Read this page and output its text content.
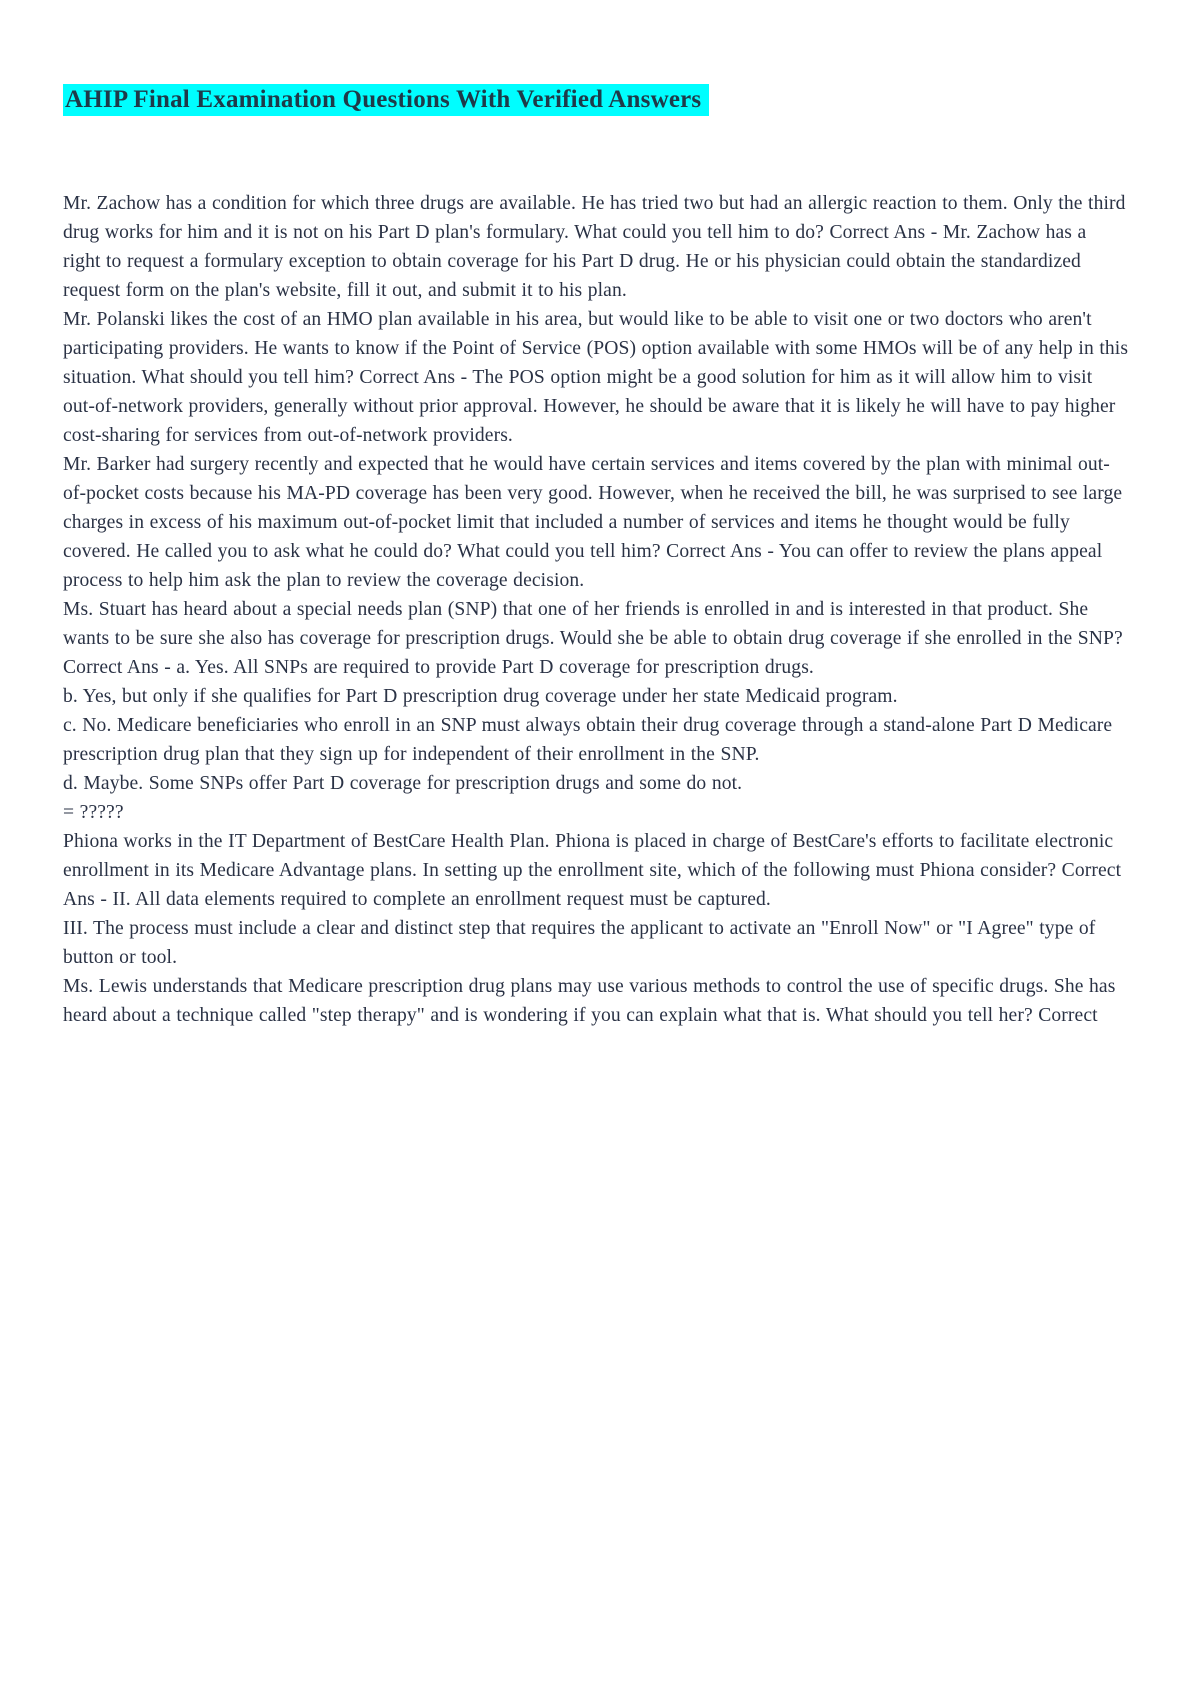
AHIP Final Examination Questions With Verified Answers

Mr. Zachow has a condition for which three drugs are available. He has tried two but had an allergic reaction to them. Only the third drug works for him and it is not on his Part D plan's formulary. What could you tell him to do? Correct Ans - Mr. Zachow has a right to request a formulary exception to obtain coverage for his Part D drug. He or his physician could obtain the standardized request form on the plan's website, fill it out, and submit it to his plan.

Mr. Polanski likes the cost of an HMO plan available in his area, but would like to be able to visit one or two doctors who aren't participating providers. He wants to know if the Point of Service (POS) option available with some HMOs will be of any help in this situation. What should you tell him? Correct Ans - The POS option might be a good solution for him as it will allow him to visit out-of-network providers, generally without prior approval. However, he should be aware that it is likely he will have to pay higher cost-sharing for services from out-of-network providers.

Mr. Barker had surgery recently and expected that he would have certain services and items covered by the plan with minimal out-of-pocket costs because his MA-PD coverage has been very good. However, when he received the bill, he was surprised to see large charges in excess of his maximum out-of-pocket limit that included a number of services and items he thought would be fully covered. He called you to ask what he could do? What could you tell him? Correct Ans - You can offer to review the plans appeal process to help him ask the plan to review the coverage decision.

Ms. Stuart has heard about a special needs plan (SNP) that one of her friends is enrolled in and is interested in that product. She wants to be sure she also has coverage for prescription drugs. Would she be able to obtain drug coverage if she enrolled in the SNP? Correct Ans - a. Yes. All SNPs are required to provide Part D coverage for prescription drugs.

b. Yes, but only if she qualifies for Part D prescription drug coverage under her state Medicaid program.

c. No. Medicare beneficiaries who enroll in an SNP must always obtain their drug coverage through a stand-alone Part D Medicare prescription drug plan that they sign up for independent of their enrollment in the SNP.

d. Maybe. Some SNPs offer Part D coverage for prescription drugs and some do not.

= ?????

Phiona works in the IT Department of BestCare Health Plan. Phiona is placed in charge of BestCare's efforts to facilitate electronic enrollment in its Medicare Advantage plans. In setting up the enrollment site, which of the following must Phiona consider? Correct Ans - II. All data elements required to complete an enrollment request must be captured.

III. The process must include a clear and distinct step that requires the applicant to activate an "Enroll Now" or "I Agree" type of button or tool.

Ms. Lewis understands that Medicare prescription drug plans may use various methods to control the use of specific drugs. She has heard about a technique called "step therapy" and is wondering if you can explain what that is. What should you tell her? Correct
